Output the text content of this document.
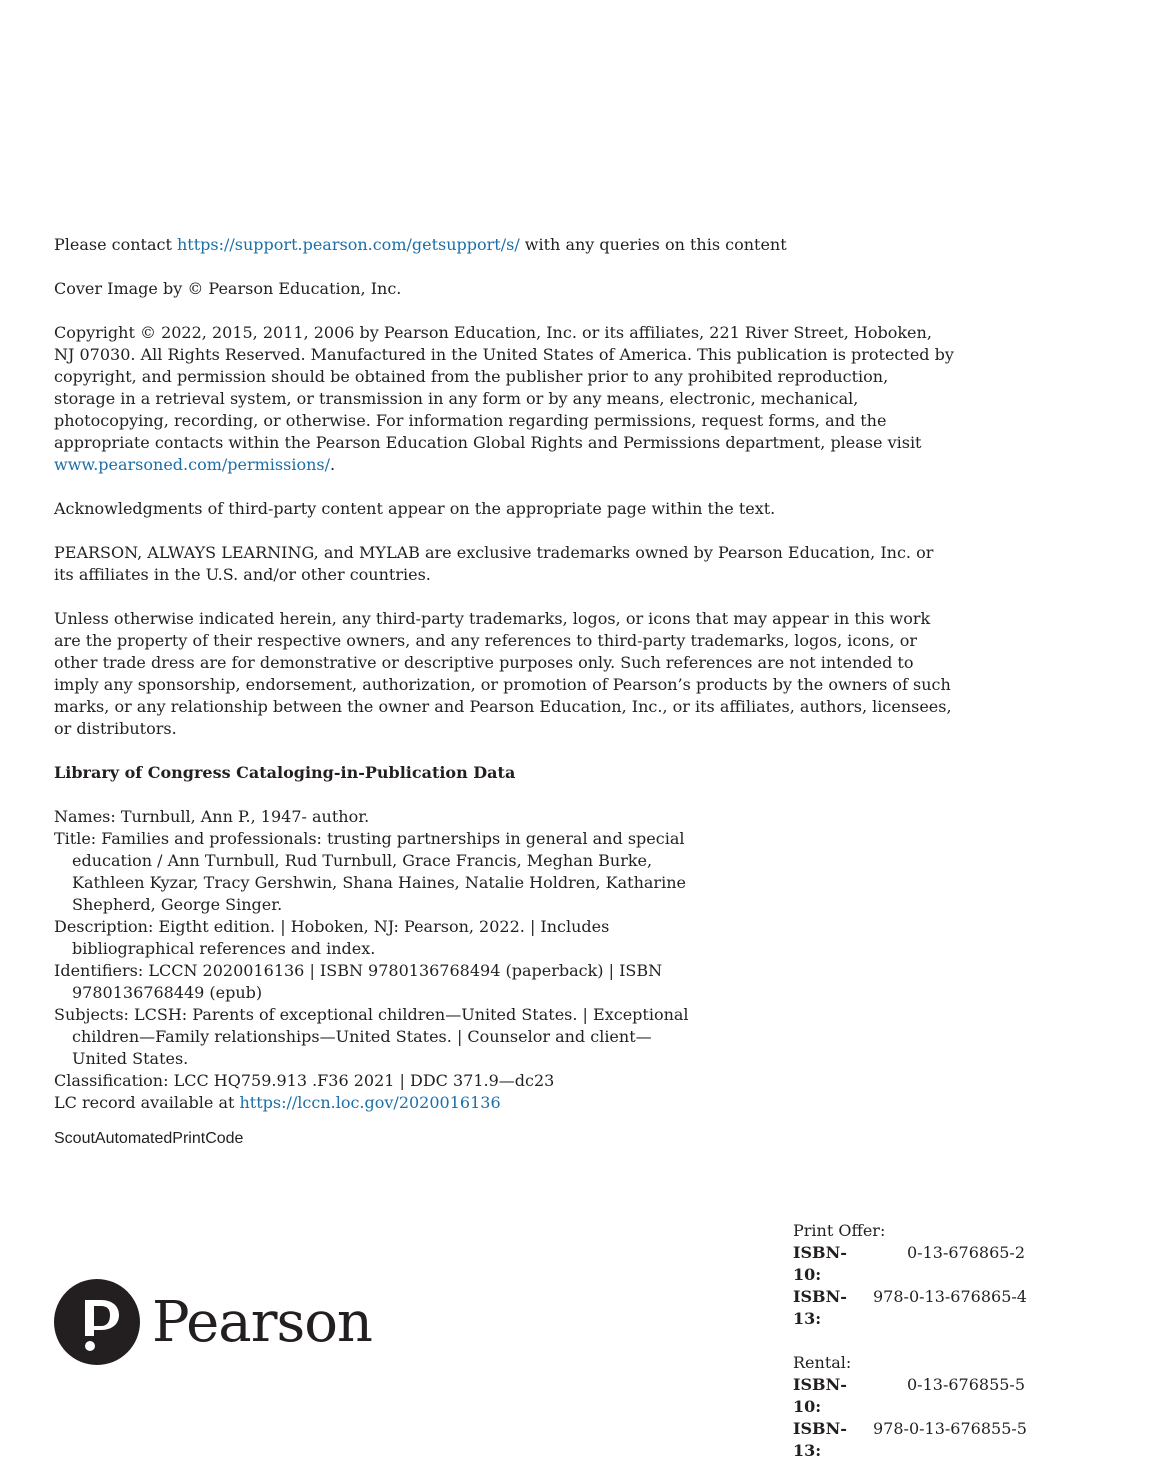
Please contact https://support.pearson.com/getsupport/s/ with any queries on this content

Cover Image by © Pearson Education, Inc.

Copyright © 2022, 2015, 2011, 2006 by Pearson Education, Inc. or its affiliates, 221 River Street, Hoboken, NJ 07030. All Rights Reserved. Manufactured in the United States of America. This publication is protected by copyright, and permission should be obtained from the publisher prior to any prohibited reproduction, storage in a retrieval system, or transmission in any form or by any means, electronic, mechanical, photocopying, recording, or otherwise. For information regarding permissions, request forms, and the appropriate contacts within the Pearson Education Global Rights and Permissions department, please visit www.pearsoned.com/permissions/.

Acknowledgments of third-party content appear on the appropriate page within the text.

PEARSON, ALWAYS LEARNING, and MYLAB are exclusive trademarks owned by Pearson Education, Inc. or its affiliates in the U.S. and/or other countries.

Unless otherwise indicated herein, any third-party trademarks, logos, or icons that may appear in this work are the property of their respective owners, and any references to third-party trademarks, logos, icons, or other trade dress are for demonstrative or descriptive purposes only. Such references are not intended to imply any sponsorship, endorsement, authorization, or promotion of Pearson’s products by the owners of such marks, or any relationship between the owner and Pearson Education, Inc., or its affiliates, authors, licensees, or distributors.

Library of Congress Cataloging-in-Publication Data

Names: Turnbull, Ann P., 1947- author.

Title: Families and professionals: trusting partnerships in general and special education / Ann Turnbull, Rud Turnbull, Grace Francis, Meghan Burke, Kathleen Kyzar, Tracy Gershwin, Shana Haines, Natalie Holdren, Katharine Shepherd, George Singer.

Description: Eigtht edition. | Hoboken, NJ: Pearson, 2022. | Includes bibliographical references and index.

Identifiers: LCCN 2020016136 | ISBN 9780136768494 (paperback) | ISBN 9780136768449 (epub)

Subjects: LCSH: Parents of exceptional children—United States. | Exceptional children—Family relationships—United States. | Counselor and client—United States.

Classification: LCC HQ759.913 .F36 2021 | DDC 371.9—dc23

LC record available at https://lccn.loc.gov/2020016136

ScoutAutomatedPrintCode

Pearson
Print Offer:
ISBN-10:
0-13-676865-2
ISBN-13:
978-0-13-676865-4
Rental:
ISBN-10:
0-13-676855-5
ISBN-13:
978-0-13-676855-5
